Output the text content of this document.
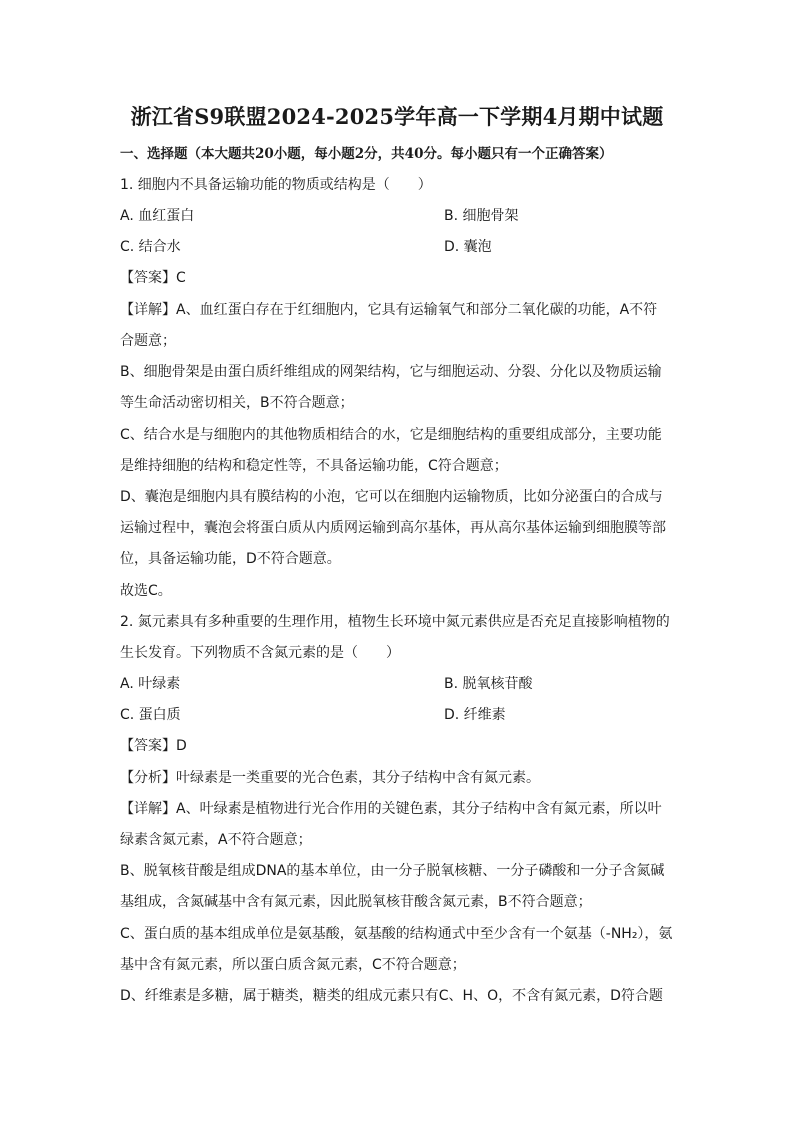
浙江省S9联盟2024-2025学年高一下学期4月期中试题
一、选择题（本大题共20小题，每小题2分，共40分。每小题只有一个正确答案）
1. 细胞内不具备运输功能的物质或结构是（　　）
A. 血红蛋白	B. 细胞骨架
C. 结合水	D. 囊泡
【答案】C
【详解】A、血红蛋白存在于红细胞内，它具有运输氧气和部分二氧化碳的功能，A不符
合题意；
B、细胞骨架是由蛋白质纤维组成的网架结构，它与细胞运动、分裂、分化以及物质运输
等生命活动密切相关，B不符合题意；
C、结合水是与细胞内的其他物质相结合的水，它是细胞结构的重要组成部分，主要功能
是维持细胞的结构和稳定性等，不具备运输功能，C符合题意；
D、囊泡是细胞内具有膜结构的小泡，它可以在细胞内运输物质，比如分泌蛋白的合成与
运输过程中，囊泡会将蛋白质从内质网运输到高尔基体，再从高尔基体运输到细胞膜等部
位，具备运输功能，D不符合题意。
故选C。
2. 氮元素具有多种重要的生理作用，植物生长环境中氮元素供应是否充足直接影响植物的
生长发育。下列物质不含氮元素的是（　　）
A. 叶绿素	B. 脱氧核苷酸
C. 蛋白质	D. 纤维素
【答案】D
【分析】叶绿素是一类重要的光合色素，其分子结构中含有氮元素。
【详解】A、叶绿素是植物进行光合作用的关键色素，其分子结构中含有氮元素，所以叶
绿素含氮元素，A不符合题意；
B、脱氧核苷酸是组成DNA的基本单位，由一分子脱氧核糖、一分子磷酸和一分子含氮碱
基组成，含氮碱基中含有氮元素，因此脱氧核苷酸含氮元素，B不符合题意；
C、蛋白质的基本组成单位是氨基酸，氨基酸的结构通式中至少含有一个氨基（-NH₂），氨
基中含有氮元素，所以蛋白质含氮元素，C不符合题意；
D、纤维素是多糖，属于糖类，糖类的组成元素只有C、H、O，不含有氮元素，D符合题
